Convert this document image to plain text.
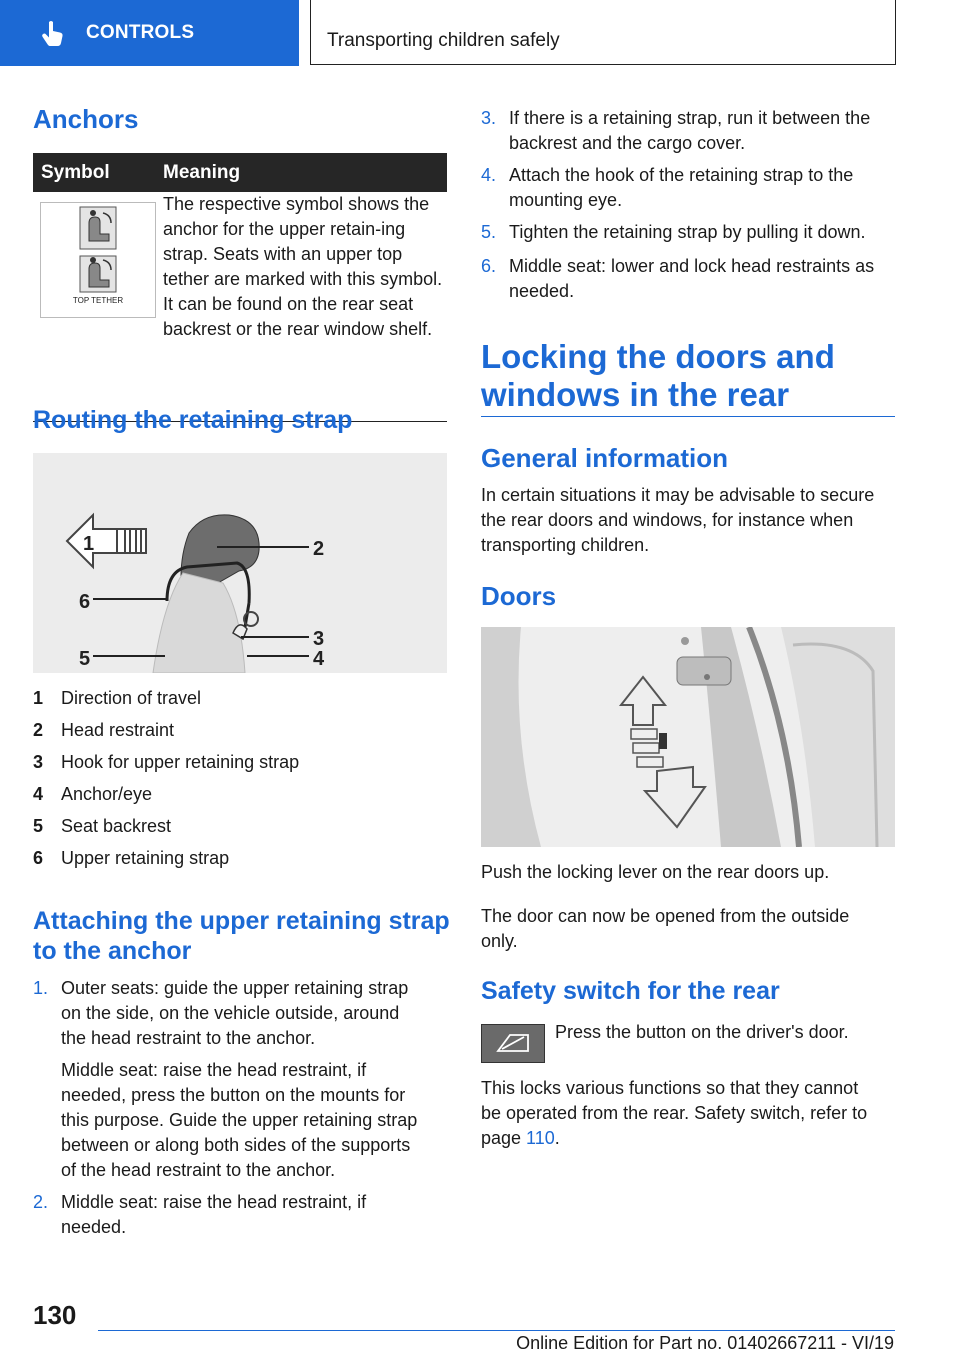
CONTROLS	Transporting children safely
Anchors
Symbol	Meaning

TOP TETHER	The respective symbol shows the anchor for the upper retain-ing strap. Seats with an upper top tether are marked with this symbol. It can be found on the rear seat backrest or the rear window shelf.
Routing the retaining strap
1	2
3
4
5
6
1 Direction of travel
2 Head restraint
3 Hook for upper retaining strap
4 Anchor/eye
5 Seat backrest
6 Upper retaining strap
Attaching the upper retaining strap to the anchor
1. Outer seats: guide the upper retaining strap
on the side, on the vehicle outside, around
the head restraint to the anchor.
Middle seat: raise the head restraint, if
needed, press the button on the mounts for
this purpose. Guide the upper retaining strap
between or along both sides of the supports
of the head restraint to the anchor.
2. Middle seat: raise the head restraint, if
needed.
3. If there is a retaining strap, run it between the
backrest and the cargo cover.
4. Attach the hook of the retaining strap to the
mounting eye.
5. Tighten the retaining strap by pulling it down.
6. Middle seat: lower and lock head restraints as
needed.
Locking the doors and
windows in the rear
General information
In certain situations it may be advisable to secure
the rear doors and windows, for instance when
transporting children.
Doors
Push the locking lever on the rear doors up.
The door can now be opened from the outside
only.
Safety switch for the rear
Press the button on the driver's door.
This locks various functions so that they cannot
be operated from the rear. Safety switch, refer to
page 110.
130
Online Edition for Part no. 01402667211 - VI/19
